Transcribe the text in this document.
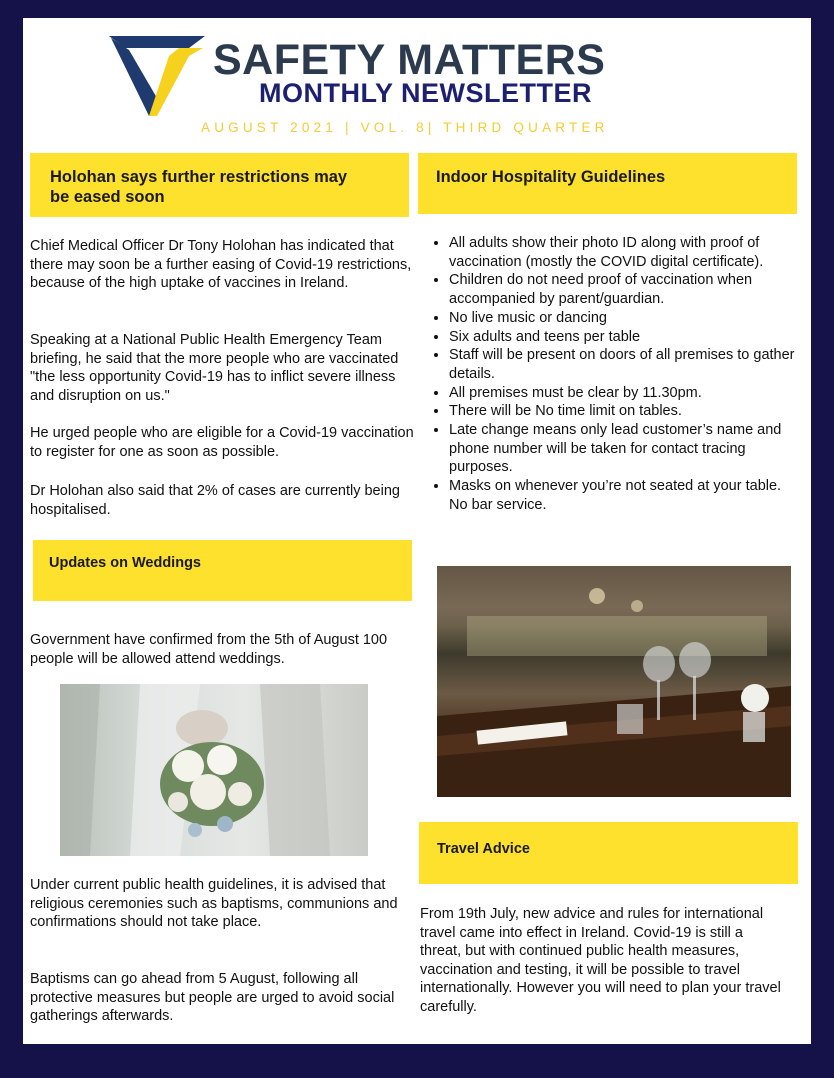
SAFETY MATTERS
MONTHLY NEWSLETTER
AUGUST 2021 | VOL. 8| THIRD QUARTER
Holohan says further restrictions may
be eased soon

Chief Medical Officer Dr Tony Holohan has indicated that there may soon be a further easing of Covid-19 restrictions, because of the high uptake of vaccines in Ireland.

Speaking at a National Public Health Emergency Team briefing, he said that the more people who are vaccinated "the less opportunity Covid-19 has to inflict severe illness and disruption on us."

He urged people who are eligible for a Covid-19 vaccination to register for one as soon as possible.

Dr Holohan also said that 2% of cases are currently being hospitalised.

Updates on Weddings

Government have confirmed from the 5th of August 100 people will be allowed attend weddings.

Under current public health guidelines, it is advised that religious ceremonies such as baptisms, communions and confirmations should not take place.

Baptisms can go ahead from 5 August, following all protective measures but people are urged to avoid social gatherings afterwards.

Indoor Hospitality Guidelines
• All adults show their photo ID along with proof of vaccination (mostly the COVID digital certificate).
• Children do not need proof of vaccination when accompanied by parent/guardian.
• No live music or dancing
• Six adults and teens per table
• Staff will be present on doors of all premises to gather details.
• All premises must be clear by 11.30pm.
• There will be No time limit on tables.
• Late change means only lead customer’s name and phone number will be taken for contact tracing purposes.
• Masks on whenever you’re not seated at your table. No bar service.
Travel Advice

From 19th July, new advice and rules for international travel came into effect in Ireland. Covid-19 is still a threat, but with continued public health measures, vaccination and testing, it will be possible to travel internationally. However you will need to plan your travel carefully.
